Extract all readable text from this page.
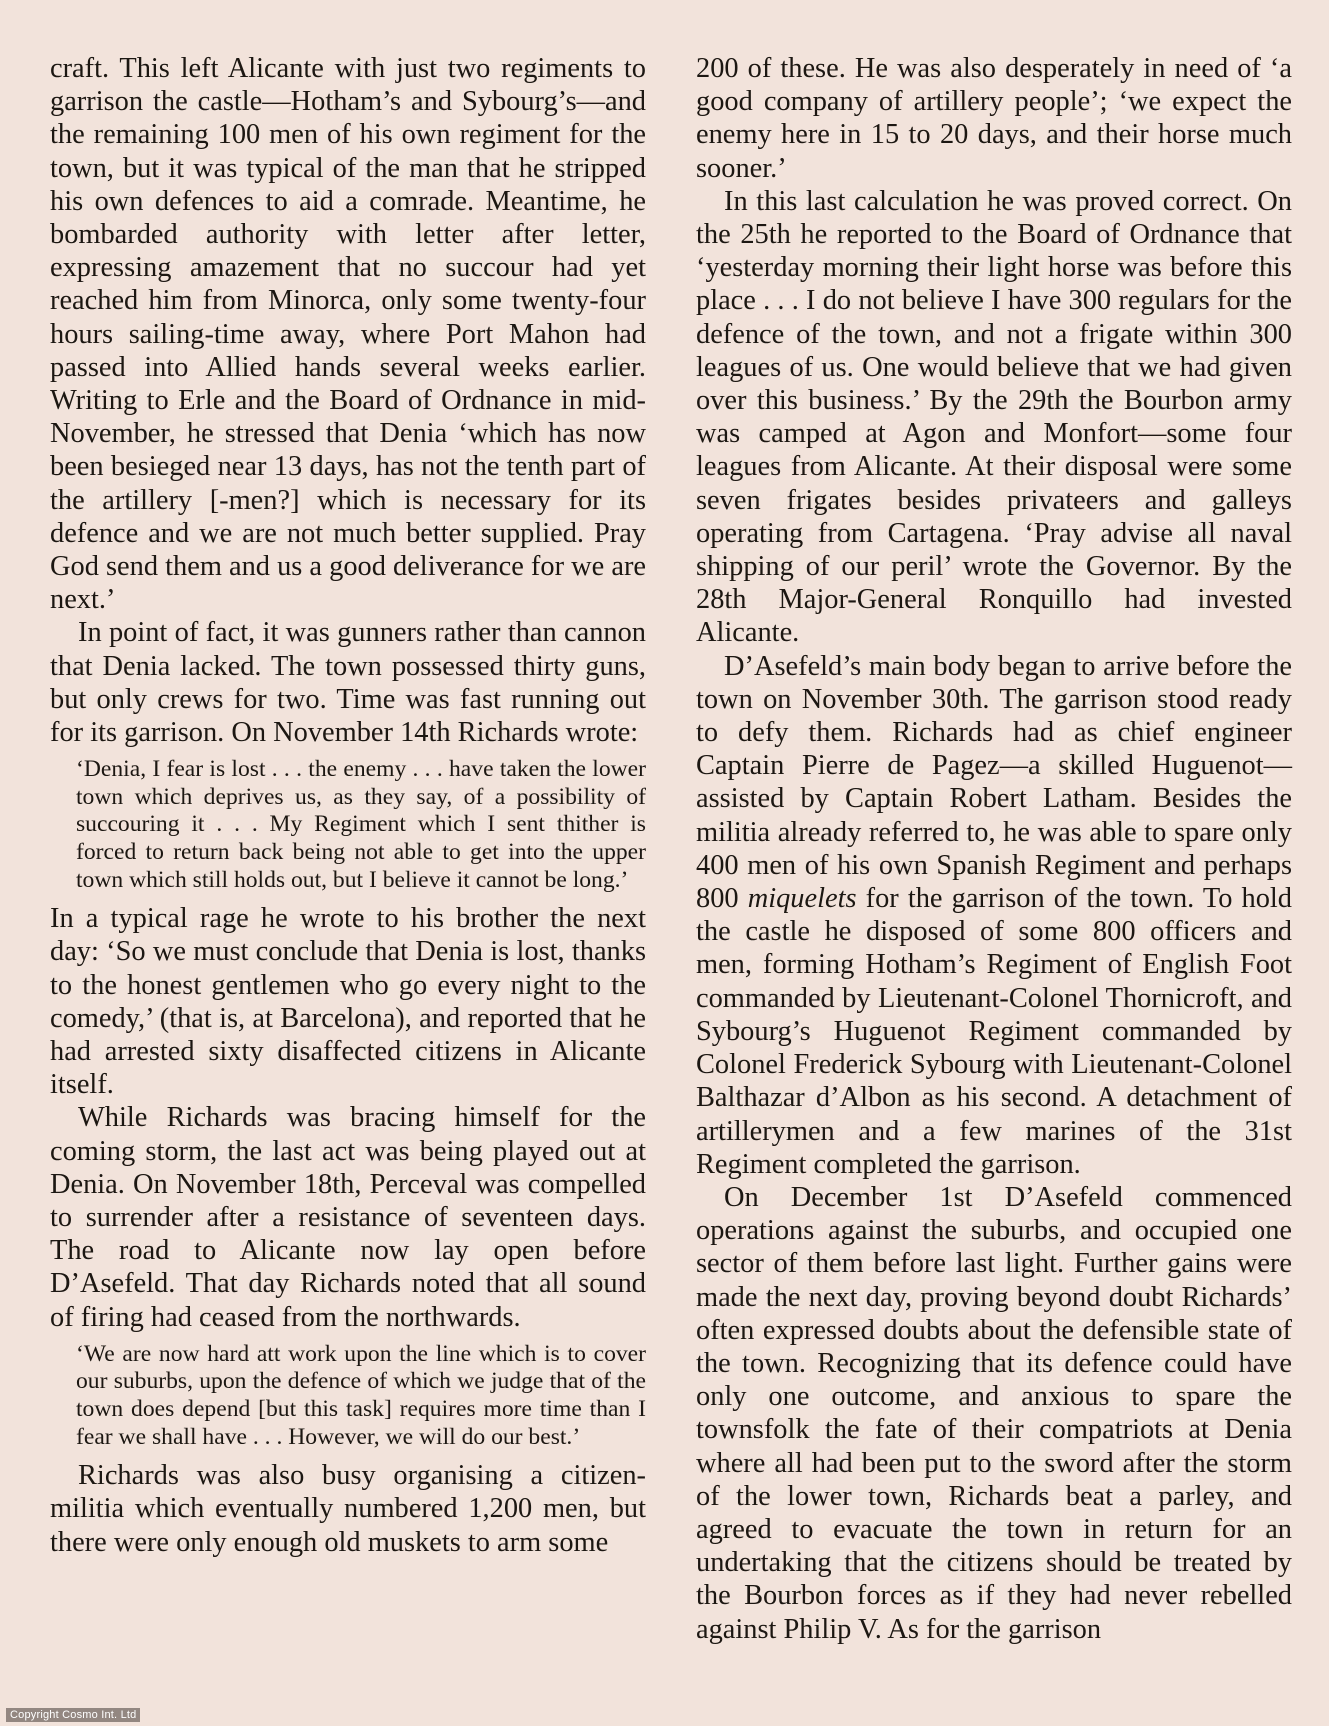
craft. This left Alicante with just two regiments to garrison the castle—Hotham’s and Sybourg’s—and the remaining 100 men of his own regiment for the town, but it was typical of the man that he stripped his own defences to aid a comrade. Meantime, he bombarded authority with letter after letter, expressing amazement that no succour had yet reached him from Minorca, only some twenty-four hours sailing-time away, where Port Mahon had passed into Allied hands several weeks earlier. Writing to Erle and the Board of Ordnance in mid-November, he stressed that Denia ‘which has now been besieged near 13 days, has not the tenth part of the artillery [-men?] which is necessary for its defence and we are not much better supplied. Pray God send them and us a good deliverance for we are next.’

In point of fact, it was gunners rather than cannon that Denia lacked. The town possessed thirty guns, but only crews for two. Time was fast running out for its garrison. On November 14th Richards wrote:

‘Denia, I fear is lost . . . the enemy . . . have taken the lower town which deprives us, as they say, of a possibility of succouring it . . . My Regiment which I sent thither is forced to return back being not able to get into the upper town which still holds out, but I believe it cannot be long.’

In a typical rage he wrote to his brother the next day: ‘So we must conclude that Denia is lost, thanks to the honest gentlemen who go every night to the comedy,’ (that is, at Barcelona), and reported that he had arrested sixty disaffected citizens in Alicante itself.

While Richards was bracing himself for the coming storm, the last act was being played out at Denia. On November 18th, Perceval was compelled to surrender after a resistance of seventeen days. The road to Alicante now lay open before D’Asefeld. That day Richards noted that all sound of firing had ceased from the northwards.

‘We are now hard att work upon the line which is to cover our suburbs, upon the defence of which we judge that of the town does depend [but this task] requires more time than I fear we shall have . . . However, we will do our best.’

Richards was also busy organising a citizen-militia which eventually numbered 1,200 men, but there were only enough old muskets to arm some

200 of these. He was also desperately in need of ‘a good company of artillery people’; ‘we expect the enemy here in 15 to 20 days, and their horse much sooner.’

In this last calculation he was proved correct. On the 25th he reported to the Board of Ordnance that ‘yesterday morning their light horse was before this place . . . I do not believe I have 300 regulars for the defence of the town, and not a frigate within 300 leagues of us. One would believe that we had given over this business.’ By the 29th the Bourbon army was camped at Agon and Monfort—some four leagues from Alicante. At their disposal were some seven frigates besides privateers and galleys operating from Cartagena. ‘Pray advise all naval shipping of our peril’ wrote the Governor. By the 28th Major-General Ronquillo had invested Alicante.

D’Asefeld’s main body began to arrive before the town on November 30th. The garrison stood ready to defy them. Richards had as chief engineer Captain Pierre de Pagez—a skilled Huguenot—assisted by Captain Robert Latham. Besides the militia already referred to, he was able to spare only 400 men of his own Spanish Regiment and perhaps 800 miquelets for the garrison of the town. To hold the castle he disposed of some 800 officers and men, forming Hotham’s Regiment of English Foot commanded by Lieutenant-Colonel Thornicroft, and Sybourg’s Huguenot Regiment commanded by Colonel Frederick Sybourg with Lieutenant-Colonel Balthazar d’Albon as his second. A detachment of artillerymen and a few marines of the 31st Regiment completed the garrison.

On December 1st D’Asefeld commenced operations against the suburbs, and occupied one sector of them before last light. Further gains were made the next day, proving beyond doubt Richards’ often expressed doubts about the defensible state of the town. Recognizing that its defence could have only one outcome, and anxious to spare the townsfolk the fate of their compatriots at Denia where all had been put to the sword after the storm of the lower town, Richards beat a parley, and agreed to evacuate the town in return for an undertaking that the citizens should be treated by the Bourbon forces as if they had never rebelled against Philip V. As for the garrison

Copyright Cosmo Int. Ltd
